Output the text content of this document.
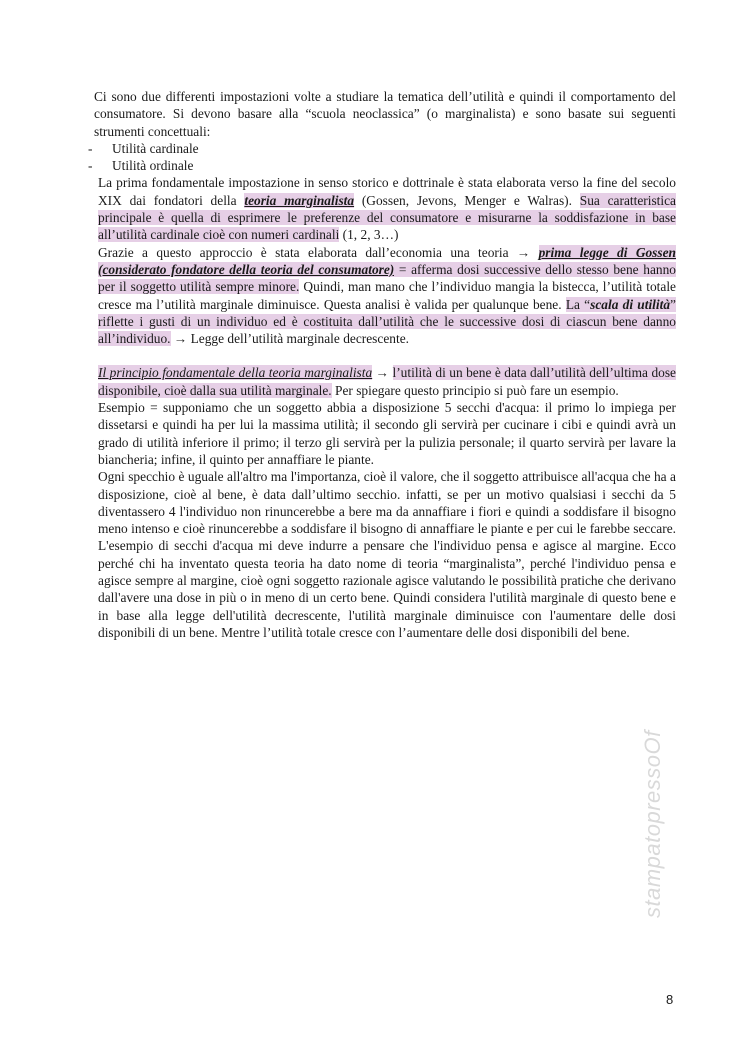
Ci sono due differenti impostazioni volte a studiare la tematica dell’utilità e quindi il comportamento del consumatore. Si devono basare alla “scuola neoclassica” (o marginalista) e sono basate sui seguenti strumenti concettuali:

- Utilità cardinale
- Utilità ordinale

La prima fondamentale impostazione in senso storico e dottrinale è stata elaborata verso la fine del secolo XIX dai fondatori della teoria marginalista (Gossen, Jevons, Menger e Walras). Sua caratteristica principale è quella di esprimere le preferenze del consumatore e misurarne la soddisfazione in base all’utilità cardinale cioè con numeri cardinali (1, 2, 3…)

Grazie a questo approccio è stata elaborata dall’economia una teoria → prima legge di Gossen (considerato fondatore della teoria del consumatore) = afferma dosi successive dello stesso bene hanno per il soggetto utilità sempre minore. Quindi, man mano che l’individuo mangia la bistecca, l’utilità totale cresce ma l’utilità marginale diminuisce. Questa analisi è valida per qualunque bene. La “scala di utilità” riflette i gusti di un individuo ed è costituita dall’utilità che le successive dosi di ciascun bene danno all’individuo. → Legge dell’utilità marginale decrescente.

Il principio fondamentale della teoria marginalista → l’utilità di un bene è data dall’utilità dell’ultima dose disponibile, cioè dalla sua utilità marginale. Per spiegare questo principio si può fare un esempio.

Esempio = supponiamo che un soggetto abbia a disposizione 5 secchi d'acqua: il primo lo impiega per dissetarsi e quindi ha per lui la massima utilità; il secondo gli servirà per cucinare i cibi e quindi avrà un grado di utilità inferiore il primo; il terzo gli servirà per la pulizia personale; il quarto servirà per lavare la biancheria; infine, il quinto per annaffiare le piante.

Ogni specchio è uguale all'altro ma l'importanza, cioè il valore, che il soggetto attribuisce all'acqua che ha a disposizione, cioè al bene, è data dall’ultimo secchio. infatti, se per un motivo qualsiasi i secchi da 5 diventassero 4 l'individuo non rinuncerebbe a bere ma da annaffiare i fiori e quindi a soddisfare il bisogno meno intenso e cioè rinuncerebbe a soddisfare il bisogno di annaffiare le piante e per cui le farebbe seccare. L'esempio di secchi d'acqua mi deve indurre a pensare che l'individuo pensa e agisce al margine. Ecco perché chi ha inventato questa teoria ha dato nome di teoria “marginalista”, perché l'individuo pensa e agisce sempre al margine, cioè ogni soggetto razionale agisce valutando le possibilità pratiche che derivano dall'avere una dose in più o in meno di un certo bene. Quindi considera l'utilità marginale di questo bene e in base alla legge dell'utilità decrescente, l'utilità marginale diminuisce con l'aumentare delle dosi disponibili di un bene. Mentre l’utilità totale cresce con l’aumentare delle dosi disponibili del bene.

stampatopressoOf
8
